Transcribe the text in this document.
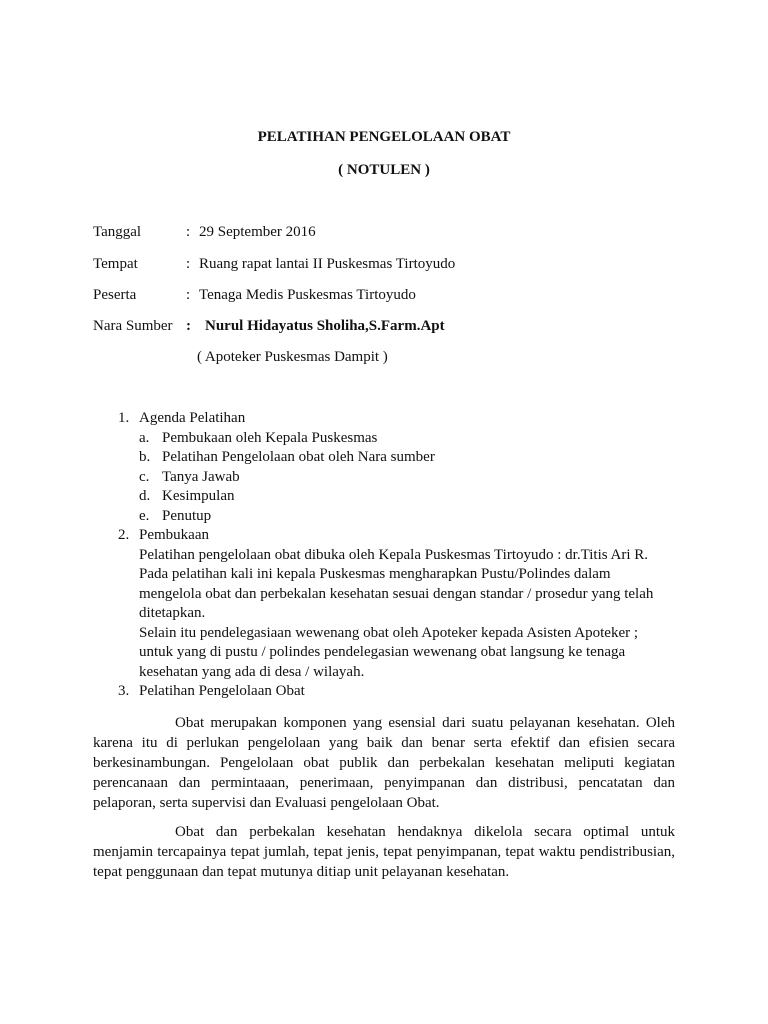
PELATIHAN PENGELOLAAN OBAT
( NOTULEN )
Tanggal	: 29 September 2016
Tempat	: Ruang rapat lantai II Puskesmas Tirtoyudo
Peserta	: Tenaga Medis Puskesmas Tirtoyudo
Nara Sumber : Nurul Hidayatus Sholiha,S.Farm.Apt
( Apoteker Puskesmas Dampit )
1. Agenda Pelatihan
a. Pembukaan oleh Kepala Puskesmas
b. Pelatihan Pengelolaan obat oleh Nara sumber
c. Tanya Jawab
d. Kesimpulan
e. Penutup
2. Pembukaan
Pelatihan pengelolaan obat dibuka oleh Kepala Puskesmas Tirtoyudo : dr.Titis Ari R.
Pada pelatihan kali ini kepala Puskesmas mengharapkan Pustu/Polindes dalam
mengelola obat dan perbekalan kesehatan sesuai dengan standar / prosedur yang telah
ditetapkan.
Selain itu pendelegasiaan wewenang obat oleh Apoteker kepada Asisten Apoteker ;
untuk yang di pustu / polindes pendelegasian wewenang obat langsung ke tenaga
kesehatan yang ada di desa / wilayah.
3. Pelatihan Pengelolaan Obat
Obat merupakan komponen yang esensial dari suatu pelayanan kesehatan. Oleh karena itu di perlukan pengelolaan yang baik dan benar serta efektif dan efisien secara berkesinambungan. Pengelolaan obat publik dan perbekalan kesehatan meliputi kegiatan perencanaan dan permintaaan, penerimaan, penyimpanan dan distribusi, pencatatan dan pelaporan, serta supervisi dan Evaluasi pengelolaan Obat.
Obat dan perbekalan kesehatan hendaknya dikelola secara optimal untuk menjamin tercapainya tepat jumlah, tepat jenis, tepat penyimpanan, tepat waktu pendistribusian, tepat penggunaan dan tepat mutunya ditiap unit pelayanan kesehatan.
